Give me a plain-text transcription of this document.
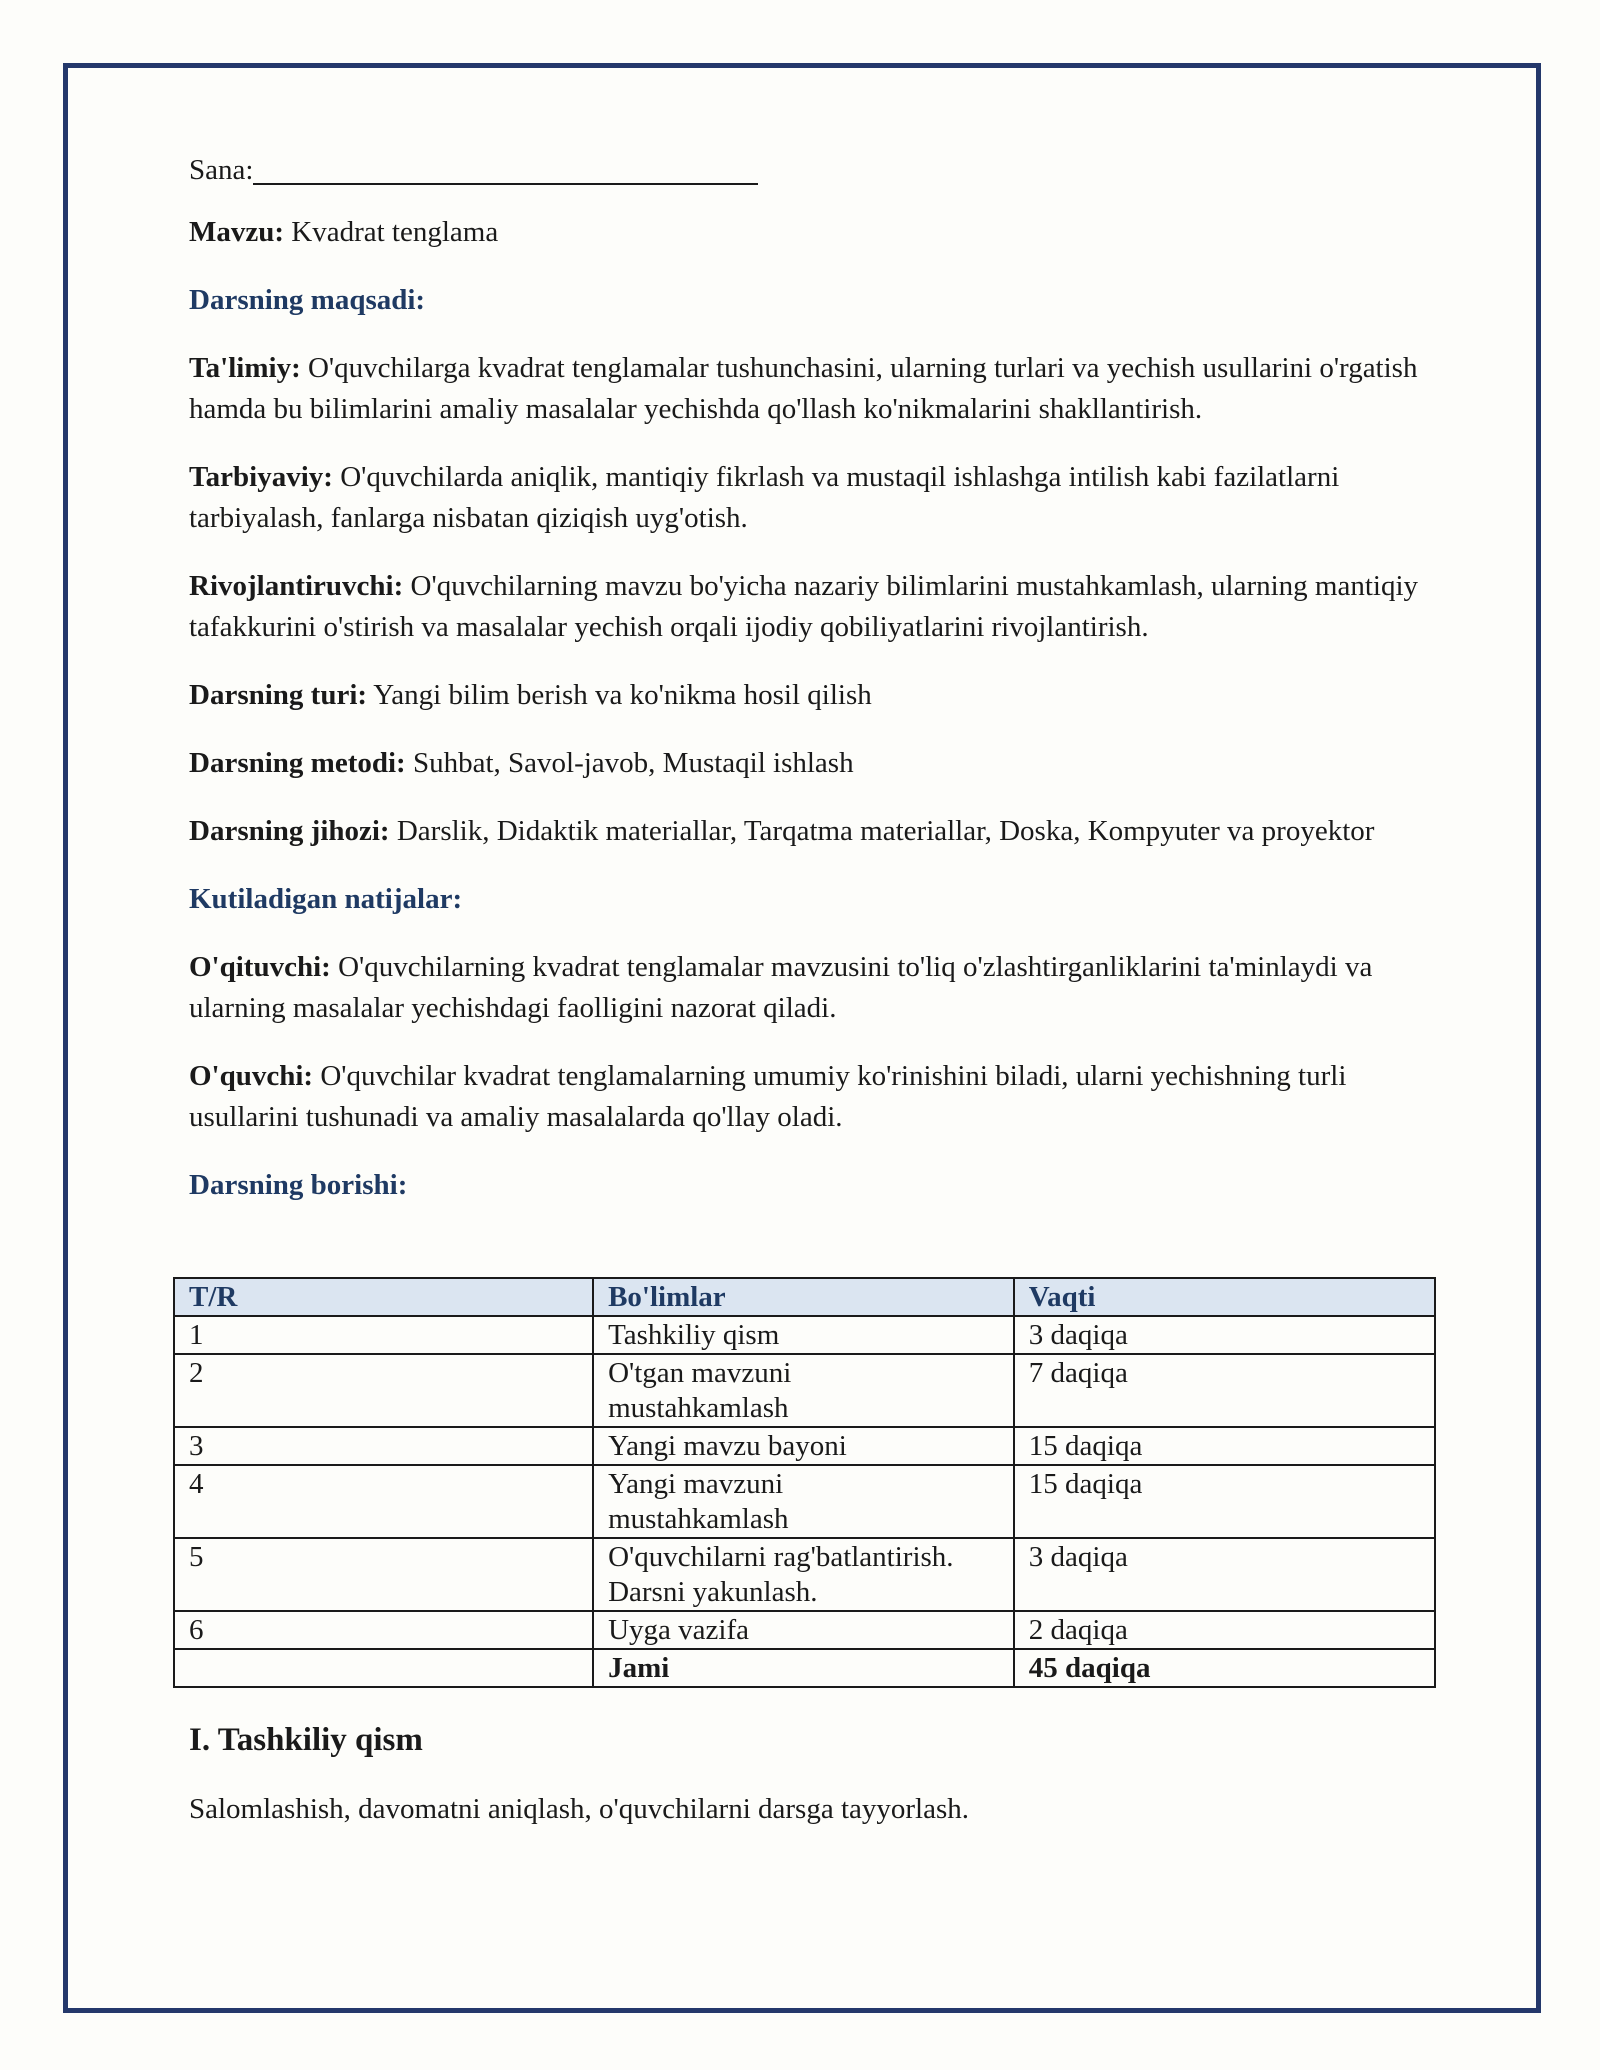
Sana:

Mavzu: Kvadrat tenglama

Darsning maqsadi:

Ta'limiy: O'quvchilarga kvadrat tenglamalar tushunchasini, ularning turlari va yechish usullarini o'rgatish hamda bu bilimlarini amaliy masalalar yechishda qo'llash ko'nikmalarini shakllantirish.

Tarbiyaviy: O'quvchilarda aniqlik, mantiqiy fikrlash va mustaqil ishlashga intilish kabi fazilatlarni tarbiyalash, fanlarga nisbatan qiziqish uyg'otish.

Rivojlantiruvchi: O'quvchilarning mavzu bo'yicha nazariy bilimlarini mustahkamlash, ularning mantiqiy tafakkurini o'stirish va masalalar yechish orqali ijodiy qobiliyatlarini rivojlantirish.

Darsning turi: Yangi bilim berish va ko'nikma hosil qilish

Darsning metodi: Suhbat, Savol-javob, Mustaqil ishlash

Darsning jihozi: Darslik, Didaktik materiallar, Tarqatma materiallar, Doska, Kompyuter va proyektor

Kutiladigan natijalar:

O'qituvchi: O'quvchilarning kvadrat tenglamalar mavzusini to'liq o'zlashtirganliklarini ta'minlaydi va ularning masalalar yechishdagi faolligini nazorat qiladi.

O'quvchi: O'quvchilar kvadrat tenglamalarning umumiy ko'rinishini biladi, ularni yechishning turli usullarini tushunadi va amaliy masalalarda qo'llay oladi.

Darsning borishi:

T/R	Bo'limlar	Vaqti
1	Tashkiliy qism	3 daqiqa
2	O'tgan mavzuni mustahkamlash	7 daqiqa
3	Yangi mavzu bayoni	15 daqiqa
4	Yangi mavzuni mustahkamlash	15 daqiqa
5	O'quvchilarni rag'batlantirish. Darsni yakunlash.	3 daqiqa
6	Uyga vazifa	2 daqiqa
	Jami	45 daqiqa
I. Tashkiliy qism

Salomlashish, davomatni aniqlash, o'quvchilarni darsga tayyorlash.
